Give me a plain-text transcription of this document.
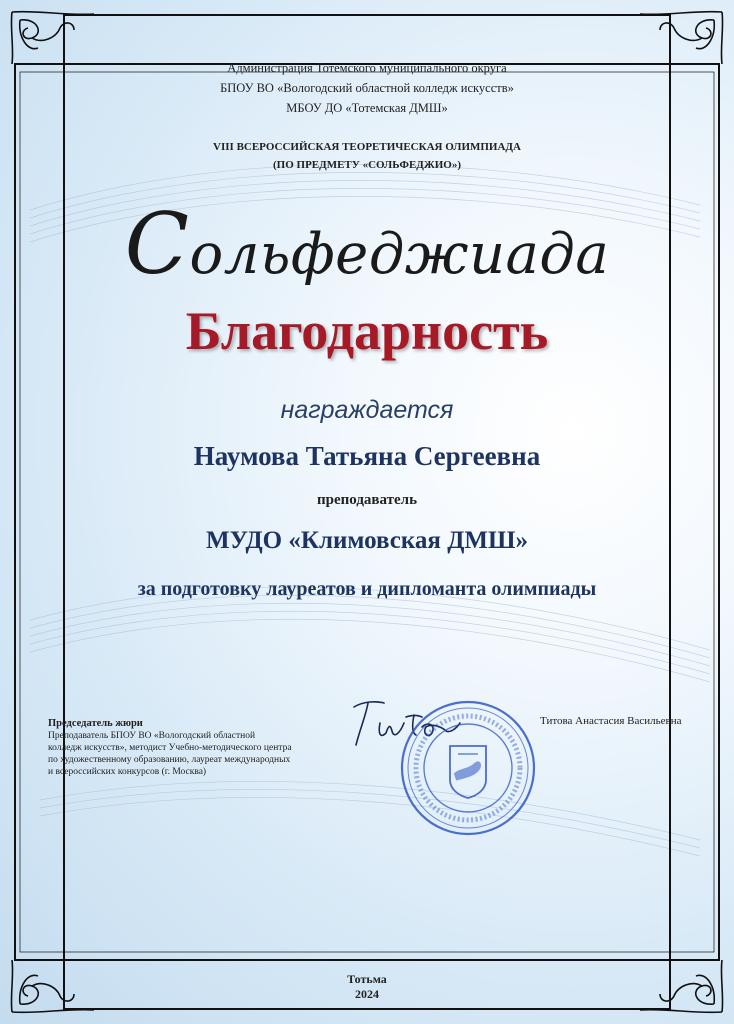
Администрация Тотемского муниципального округа
БПОУ ВО «Вологодский областной колледж искусств»
МБОУ ДО «Тотемская ДМШ»
VIII ВСЕРОССИЙСКАЯ ТЕОРЕТИЧЕСКАЯ ОЛИМПИАДА
(ПО ПРЕДМЕТУ «СОЛЬФЕДЖИО»)
Сольфеджиада
Благодарность
награждается
Наумова Татьяна Сергеевна
преподаватель
МУДО «Климовская ДМШ»
за подготовку лауреатов и дипломанта олимпиады
Председатель жюри
Преподаватель БПОУ ВО «Вологодский областной
колледж искусств», методист Учебно-методического центра
по художественному образованию, лауреат международных
и всероссийских конкурсов (г. Москва)
Титова Анастасия Васильевна
Тотьма
2024
